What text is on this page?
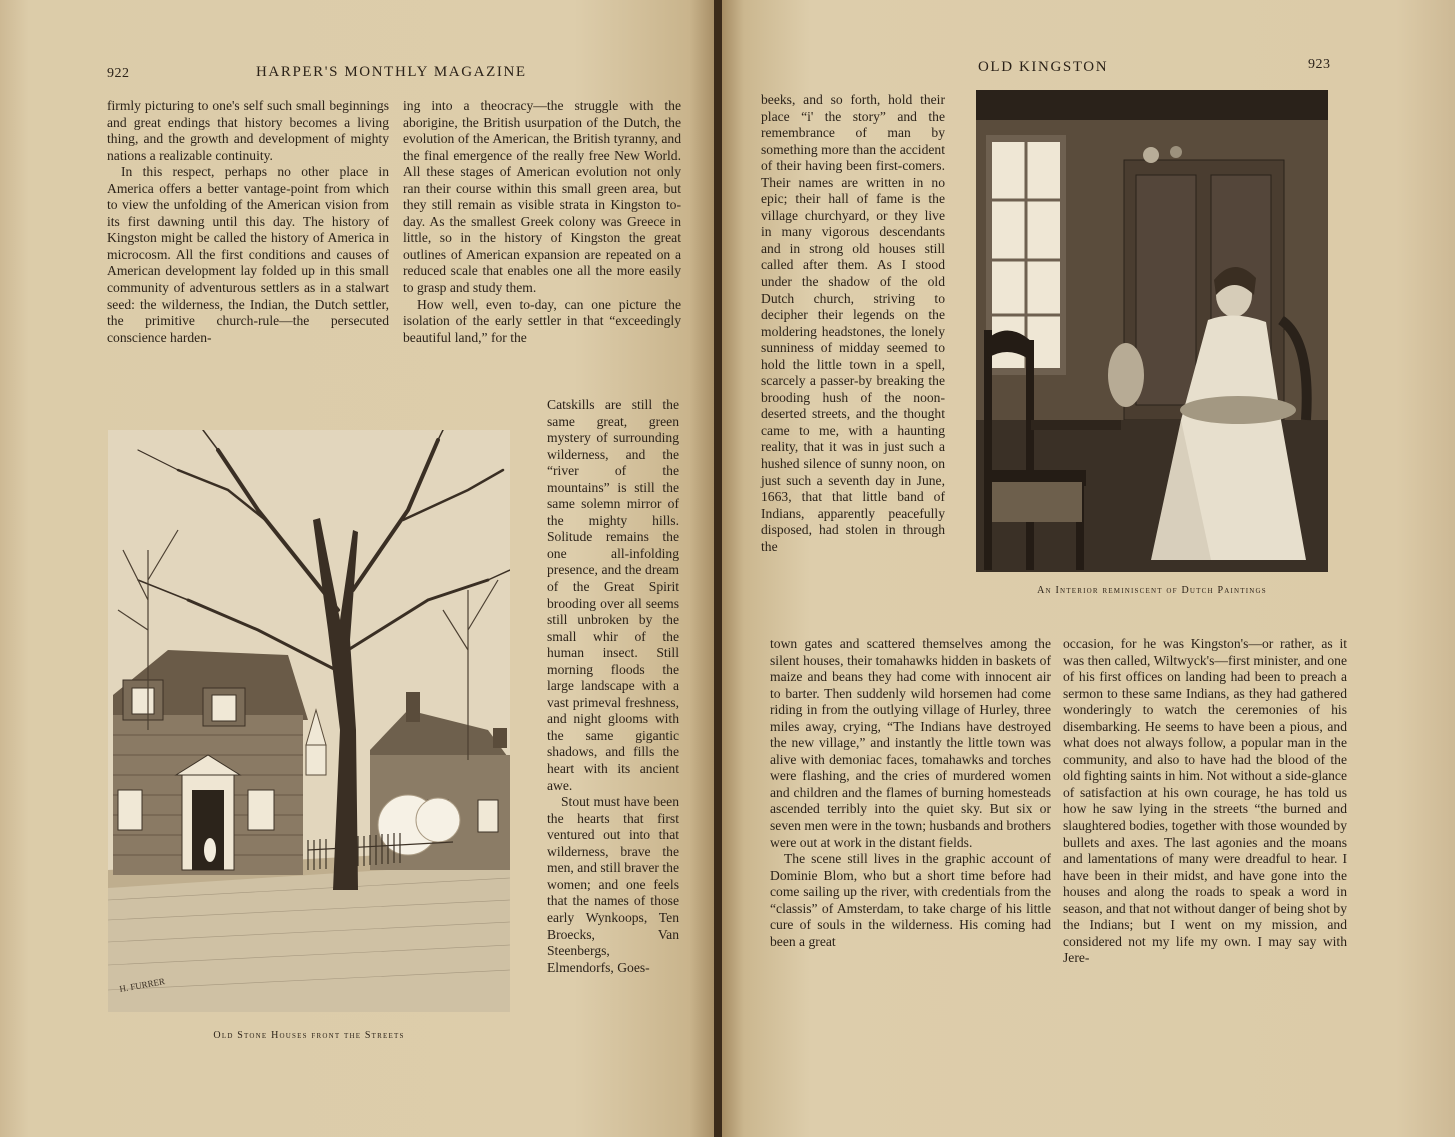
922	HARPER'S MONTHLY MAGAZINE

firmly picturing to one's self such small beginnings and great endings that history becomes a living thing, and the growth and development of mighty nations a realizable continuity.

In this respect, perhaps no other place in America offers a better vantage-point from which to view the unfolding of the American vision from its first dawning until this day. The history of Kingston might be called the history of America in microcosm. All the first conditions and causes of American development lay folded up in this small community of adventurous settlers as in a stalwart seed: the wilderness, the Indian, the Dutch settler, the primitive church-rule—the persecuted conscience harden-

ing into a theocracy—the struggle with the aborigine, the British usurpation of the Dutch, the evolution of the American, the British tyranny, and the final emergence of the really free New World. All these stages of American evolution not only ran their course within this small green area, but they still remain as visible strata in Kingston to-day. As the smallest Greek colony was Greece in little, so in the history of Kingston the great outlines of American expansion are repeated on a reduced scale that enables one all the more easily to grasp and study them.

How well, even to-day, can one picture the isolation of the early settler in that “exceedingly beautiful land,” for the

Catskills are still the same great, green mystery of surrounding wilderness, and the “river of the mountains” is still the same solemn mirror of the mighty hills. Solitude remains the one all-infolding presence, and the dream of the Great Spirit brooding over all seems still unbroken by the small whir of the human insect. Still morning floods the large landscape with a vast primeval freshness, and night glooms with the same gigantic shadows, and fills the heart with its ancient awe.

Stout must have been the hearts that first ventured out into that wilderness, brave the men, and still braver the women; and one feels that the names of those early Wynkoops, Ten Broecks, Van Steenbergs, Elmendorfs, Goes-

H. FURRER
Old Stone Houses front the Streets
OLD KINGSTON	923

beeks, and so forth, hold their place “i' the story” and the remembrance of man by something more than the accident of their having been first-comers. Their names are written in no epic; their hall of fame is the village churchyard, or they live in many vigorous descendants and in strong old houses still called after them. As I stood under the shadow of the old Dutch church, striving to decipher their legends on the moldering headstones, the lonely sunniness of midday seemed to hold the little town in a spell, scarcely a passer-by breaking the brooding hush of the noon-deserted streets, and the thought came to me, with a haunting reality, that it was in just such a hushed silence of sunny noon, on just such a seventh day in June, 1663, that that little band of Indians, apparently peacefully disposed, had stolen in through the

An Interior reminiscent of Dutch Paintings

town gates and scattered themselves among the silent houses, their tomahawks hidden in baskets of maize and beans they had come with innocent air to barter. Then suddenly wild horsemen had come riding in from the outlying village of Hurley, three miles away, crying, “The Indians have destroyed the new village,” and instantly the little town was alive with demoniac faces, tomahawks and torches were flashing, and the cries of murdered women and children and the flames of burning homesteads ascended terribly into the quiet sky. But six or seven men were in the town; husbands and brothers were out at work in the distant fields.

The scene still lives in the graphic account of Dominie Blom, who but a short time before had come sailing up the river, with credentials from the “classis” of Amsterdam, to take charge of his little cure of souls in the wilderness. His coming had been a great

occasion, for he was Kingston's—or rather, as it was then called, Wiltwyck's—first minister, and one of his first offices on landing had been to preach a sermon to these same Indians, as they had gathered wonderingly to watch the ceremonies of his disembarking. He seems to have been a pious, and what does not always follow, a popular man in the community, and also to have had the blood of the old fighting saints in him. Not without a side-glance of satisfaction at his own courage, he has told us how he saw lying in the streets “the burned and slaughtered bodies, together with those wounded by bullets and axes. The last agonies and the moans and lamentations of many were dreadful to hear. I have been in their midst, and have gone into the houses and along the roads to speak a word in season, and that not without danger of being shot by the Indians; but I went on my mission, and considered not my life my own. I may say with Jere-
